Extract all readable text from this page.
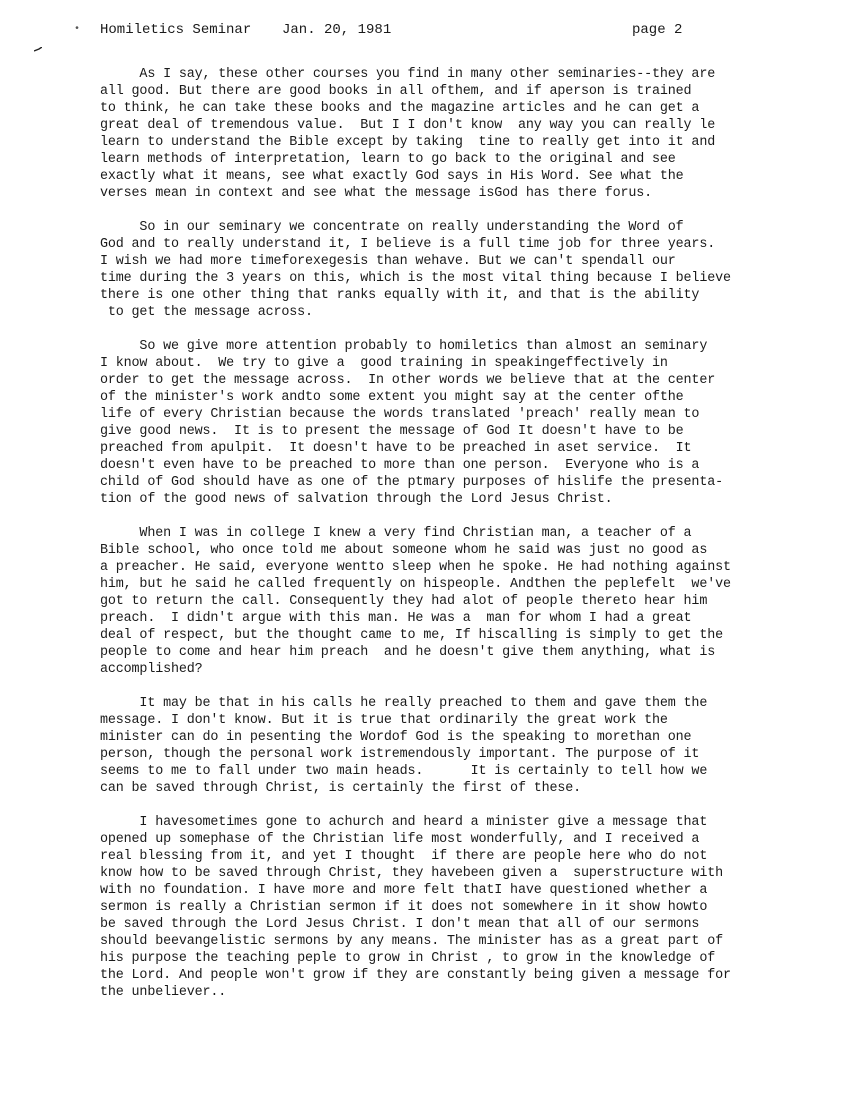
•

Homiletics Seminar

Jan. 20, 1981

	page 2

As I say, these other courses you find in many other seminaries--they are
all good. But there are good books in all ofthem, and if aperson is trained
to think, he can take these books and the magazine articles and he can get a
great deal of tremendous value.  But I I don't know  any way you can really le
learn to understand the Bible except by taking  tine to really get into it and
learn methods of interpretation, learn to go back to the original and see
exactly what it means, see what exactly God says in His Word. See what the
verses mean in context and see what the message isGod has there forus.
So in our seminary we concentrate on really understanding the Word of
God and to really understand it, I believe is a full time job for three years.
I wish we had more timeforexegesis than wehave. But we can't spendall our
time during the 3 years on this, which is the most vital thing because I believe
there is one other thing that ranks equally with it, and that is the ability
to get the message across.
So we give more attention probably to homiletics than almost an seminary
I know about.  We try to give a  good training in speakingeffectively in
order to get the message across.  In other words we believe that at the center
of the minister's work andto some extent you might say at the center ofthe
life of every Christian because the words translated 'preach' really mean to
give good news.  It is to present the message of God It doesn't have to be
preached from apulpit.  It doesn't have to be preached in aset service.  It
doesn't even have to be preached to more than one person.  Everyone who is a
child of God should have as one of the ptmary purposes of hislife the presenta-
tion of the good news of salvation through the Lord Jesus Christ.
When I was in college I knew a very find Christian man, a teacher of a
Bible school, who once told me about someone whom he said was just no good as
a preacher. He said, everyone wentto sleep when he spoke. He had nothing against
him, but he said he called frequently on hispeople. Andthen the peplefelt  we've
got to return the call. Consequently they had alot of people thereto hear him
preach.  I didn't argue with this man. He was a  man for whom I had a great
deal of respect, but the thought came to me, If hiscalling is simply to get the
people to come and hear him preach  and he doesn't give them anything, what is
accomplished?
It may be that in his calls he really preached to them and gave them the
message. I don't know. But it is true that ordinarily the great work the
minister can do in pesenting the Wordof God is the speaking to morethan one
person, though the personal work istremendously important. The purpose of it
seems to me to fall under two main heads.      It is certainly to tell how we
can be saved through Christ, is certainly the first of these.
I havesometimes gone to achurch and heard a minister give a message that
opened up somephase of the Christian life most wonderfully, and I received a
real blessing from it, and yet I thought  if there are people here who do not
know how to be saved through Christ, they havebeen given a  superstructure with
with no foundation. I have more and more felt thatI have questioned whether a
sermon is really a Christian sermon if it does not somewhere in it show howto
be saved through the Lord Jesus Christ. I don't mean that all of our sermons
should beevangelistic sermons by any means. The minister has as a great part of
his purpose the teaching peple to grow in Christ , to grow in the knowledge of
the Lord. And people won't grow if they are constantly being given a message for
the unbeliever..
